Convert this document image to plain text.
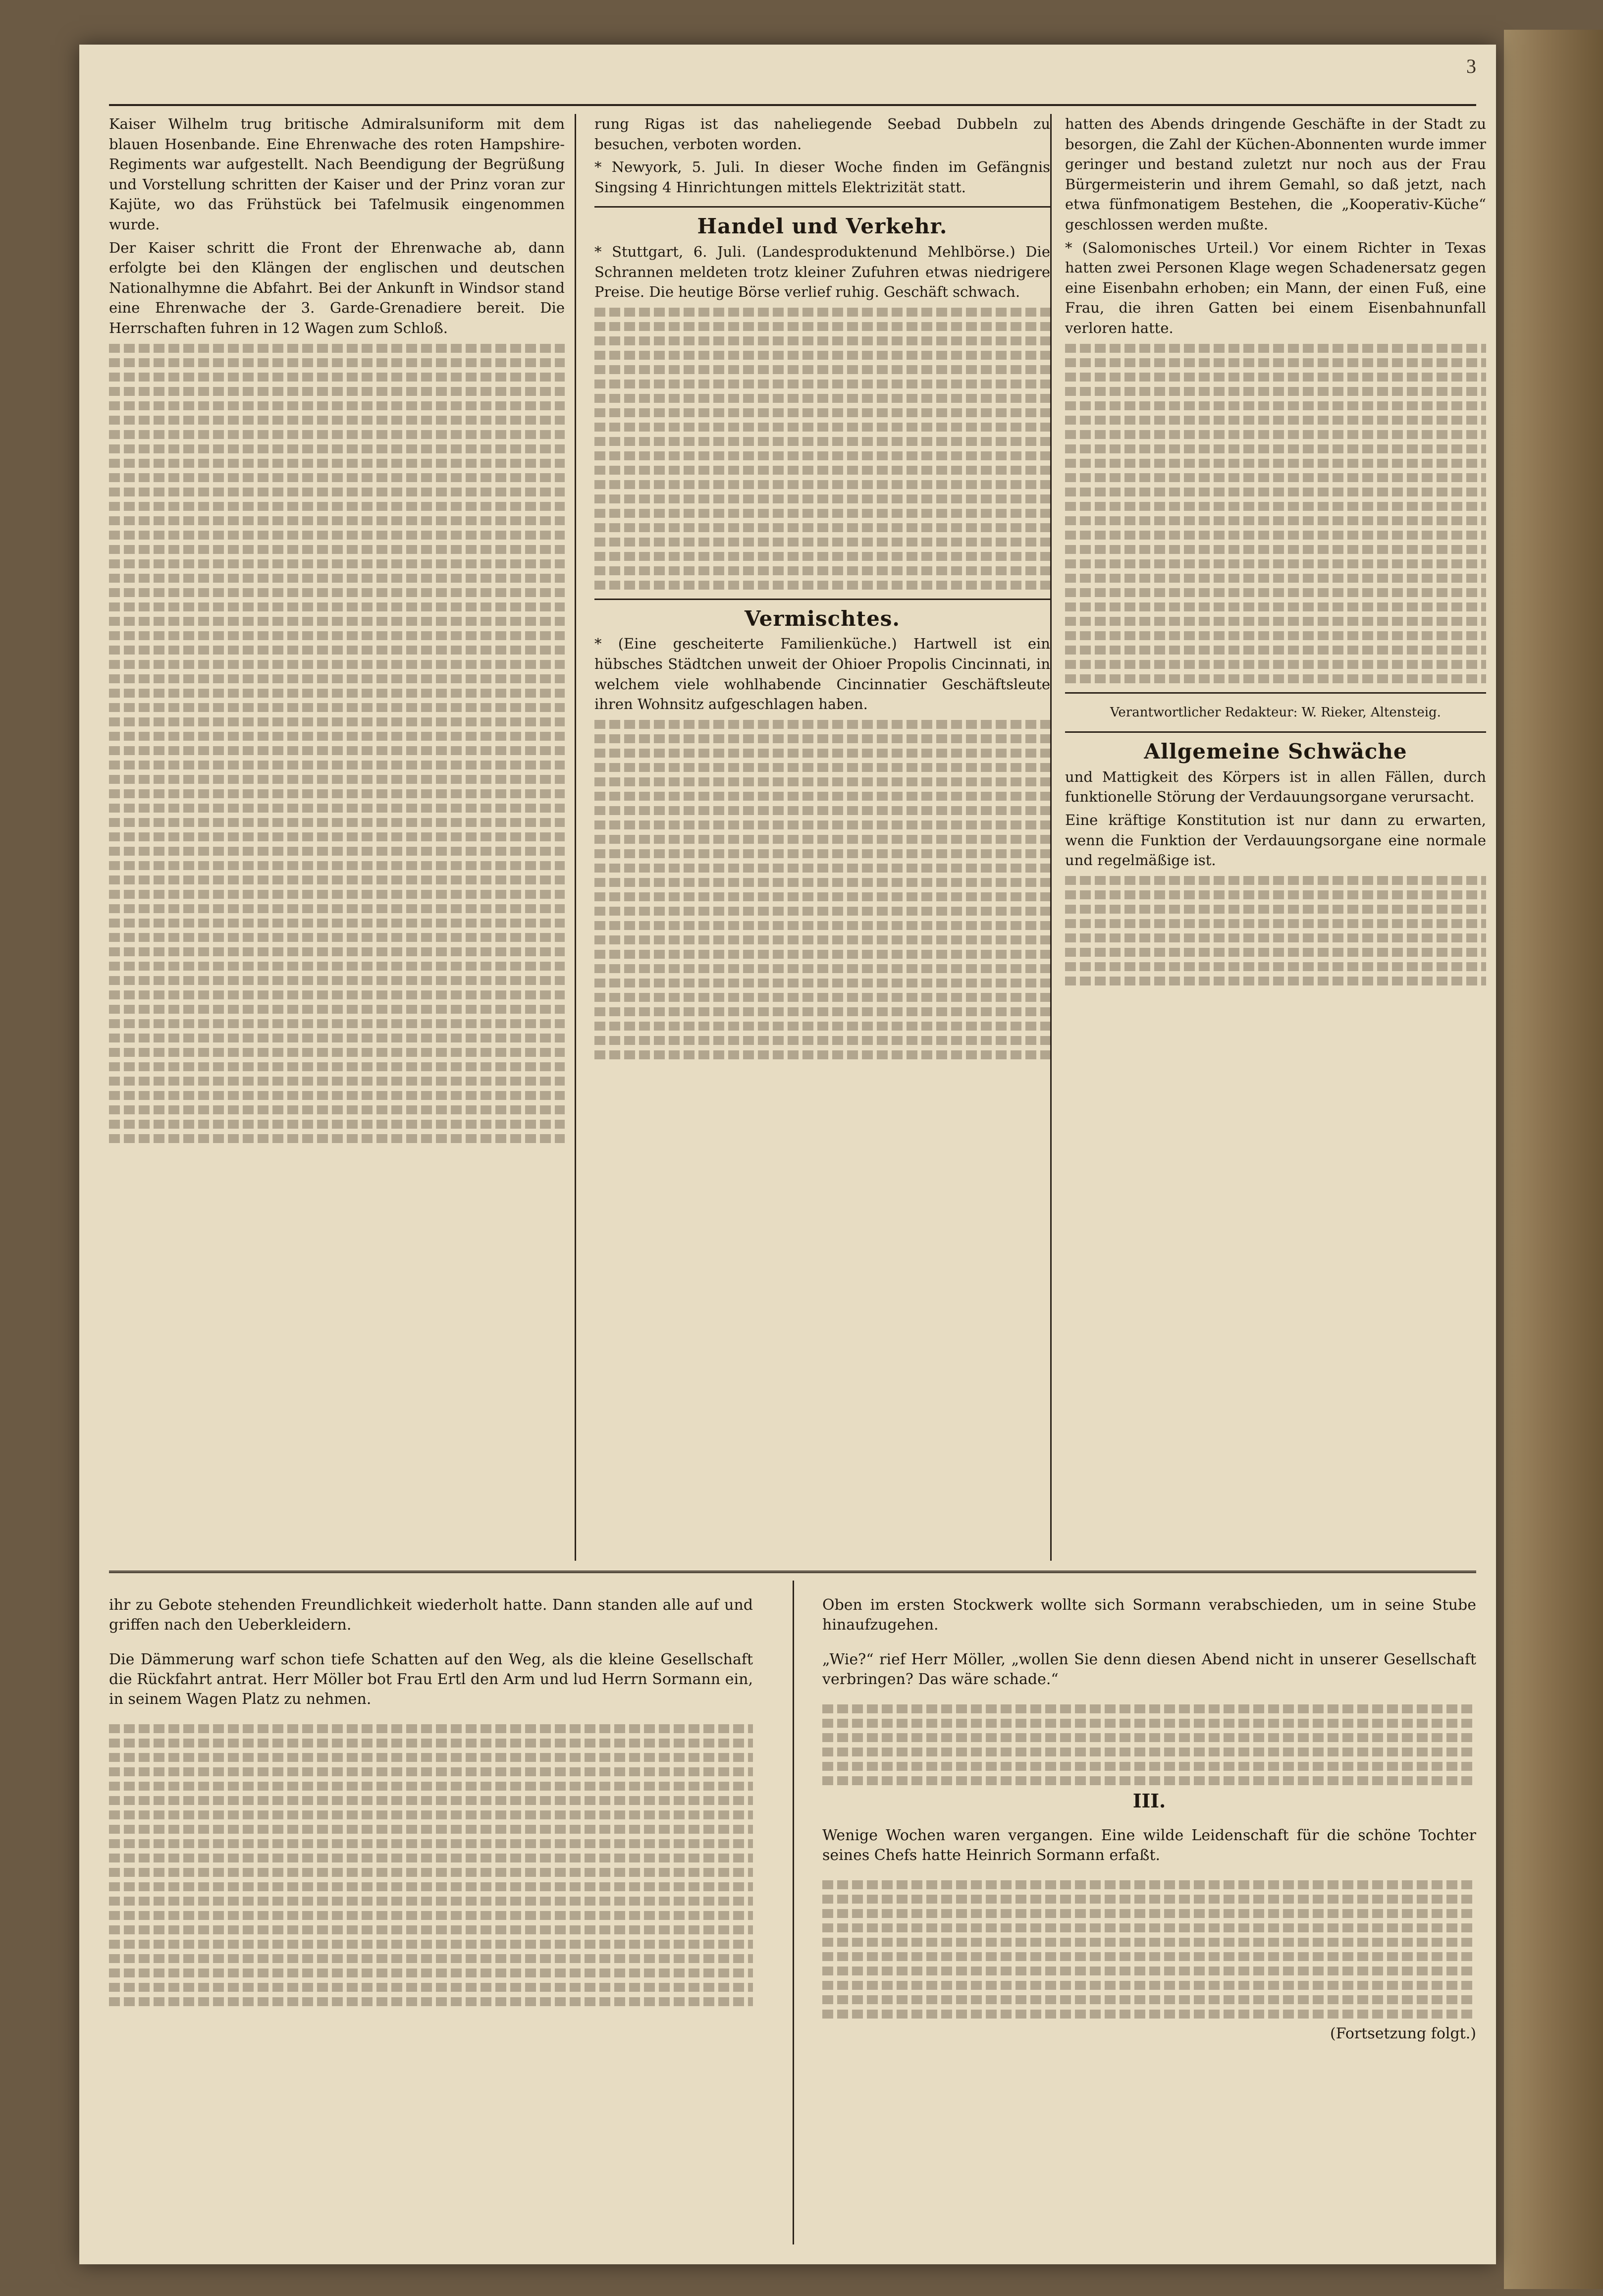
3

Kaiser Wilhelm trug britische Admiralsuniform mit dem blauen Hosenbande. Eine Ehrenwache des roten Hampshire-Regiments war aufgestellt. Nach Beendigung der Begrüßung und Vorstellung schritten der Kaiser und der Prinz voran zur Kajüte, wo das Frühstück bei Tafelmusik eingenommen wurde.

Der Kaiser schritt die Front der Ehrenwache ab, dann erfolgte bei den Klängen der englischen und deutschen Nationalhymne die Abfahrt. Bei der Ankunft in Windsor stand eine Ehrenwache der 3. Garde-Grenadiere bereit. Die Herrschaften fuhren in 12 Wagen zum Schloß.

rung Rigas ist das naheliegende Seebad Dubbeln zu besuchen, verboten worden.

* Newyork, 5. Juli. In dieser Woche finden im Gefängnis Singsing 4 Hinrichtungen mittels Elektrizität statt.

Handel und Verkehr.

* Stuttgart, 6. Juli. (Landesproduktenund Mehlbörse.) Die Schrannen meldeten trotz kleiner Zufuhren etwas niedrigere Preise. Die heutige Börse verlief ruhig. Geschäft schwach.

Vermischtes.

* (Eine gescheiterte Familienküche.) Hartwell ist ein hübsches Städtchen unweit der Ohioer Propolis Cincinnati, in welchem viele wohlhabende Cincinnatier Geschäftsleute ihren Wohnsitz aufgeschlagen haben.

hatten des Abends dringende Geschäfte in der Stadt zu besorgen, die Zahl der Küchen-Abonnenten wurde immer geringer und bestand zuletzt nur noch aus der Frau Bürgermeisterin und ihrem Gemahl, so daß jetzt, nach etwa fünfmonatigem Bestehen, die „Kooperativ-Küche“ geschlossen werden mußte.

* (Salomonisches Urteil.) Vor einem Richter in Texas hatten zwei Personen Klage wegen Schadenersatz gegen eine Eisenbahn erhoben; ein Mann, der einen Fuß, eine Frau, die ihren Gatten bei einem Eisenbahnunfall verloren hatte.

Verantwortlicher Redakteur: W. Rieker, Altensteig.
Allgemeine Schwäche

und Mattigkeit des Körpers ist in allen Fällen, durch funktionelle Störung der Verdauungsorgane verursacht.

Eine kräftige Konstitution ist nur dann zu erwarten, wenn die Funktion der Verdauungsorgane eine normale und regelmäßige ist.

ihr zu Gebote stehenden Freundlichkeit wiederholt hatte. Dann standen alle auf und griffen nach den Ueberkleidern.

Die Dämmerung warf schon tiefe Schatten auf den Weg, als die kleine Gesellschaft die Rückfahrt antrat. Herr Möller bot Frau Ertl den Arm und lud Herrn Sormann ein, in seinem Wagen Platz zu nehmen.

Oben im ersten Stockwerk wollte sich Sormann verabschieden, um in seine Stube hinaufzugehen.

„Wie?“ rief Herr Möller, „wollen Sie denn diesen Abend nicht in unserer Gesellschaft verbringen? Das wäre schade.“

III.

Wenige Wochen waren vergangen. Eine wilde Leidenschaft für die schöne Tochter seines Chefs hatte Heinrich Sormann erfaßt.

(Fortsetzung folgt.)
